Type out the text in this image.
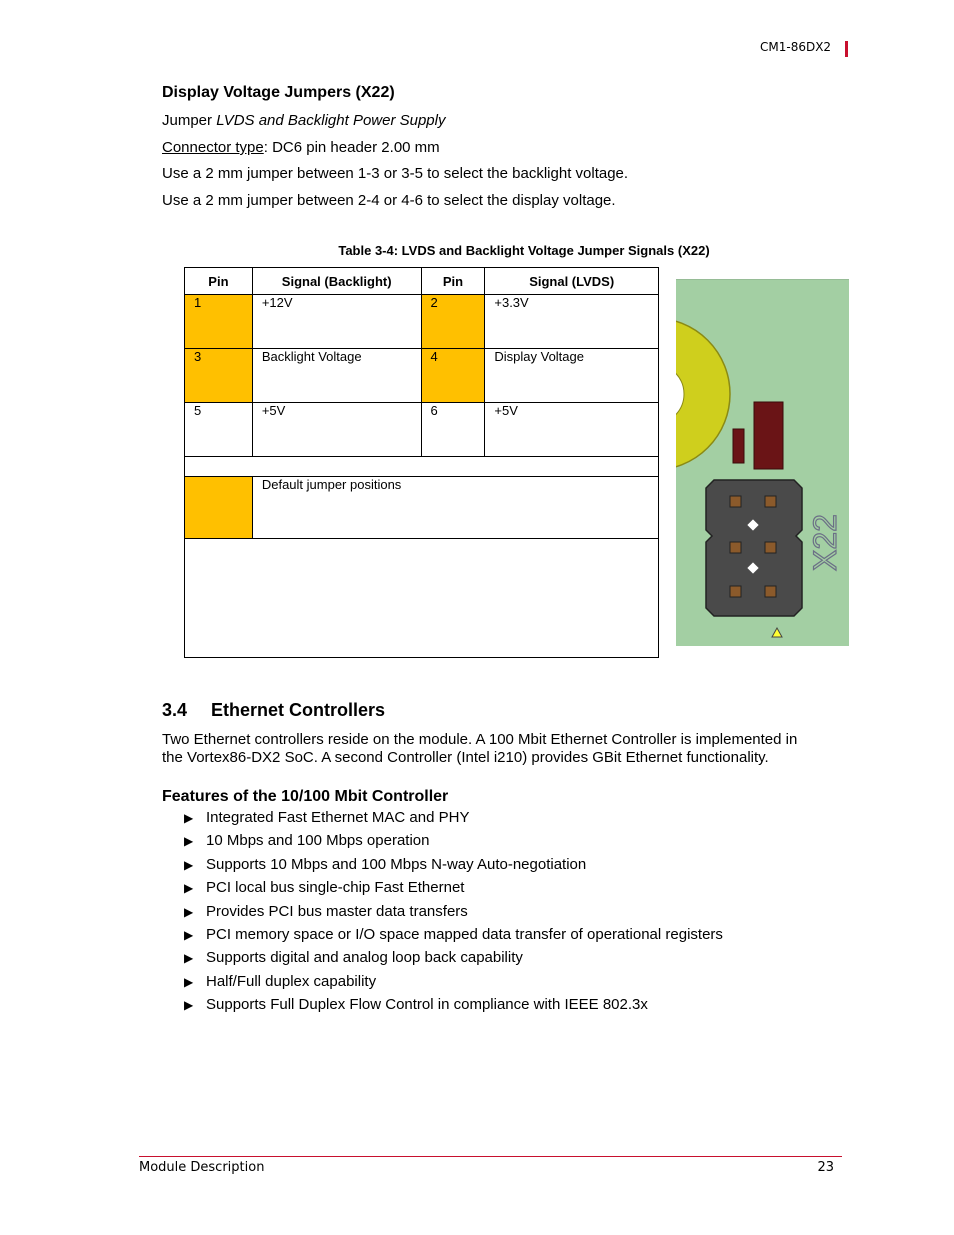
CM1-86DX2
Display Voltage Jumpers (X22)

Jumper LVDS and Backlight Power Supply

Connector type: DC6 pin header 2.00 mm

Use a 2 mm jumper between 1-3 or 3-5 to select the backlight voltage.

Use a 2 mm jumper between 2-4 or 4-6 to select the display voltage.

Table 3-4: LVDS and Backlight Voltage Jumper Signals (X22)

Pin	Signal (Backlight)	Pin	Signal (LVDS)
1	+12V	2	+3.3V
3	Backlight Voltage	4	Display Voltage
5	+5V	6	+5V

	Default jumper positions		

X22
3.4 Ethernet Controllers

Two Ethernet controllers reside on the module. A 100 Mbit Ethernet Controller is implemented in

the Vortex86-DX2 SoC. A second Controller (Intel i210) provides GBit Ethernet functionality.

Features of the 10/100 Mbit Controller
▶ Integrated Fast Ethernet MAC and PHY
▶ 10 Mbps and 100 Mbps operation
▶ Supports 10 Mbps and 100 Mbps N-way Auto-negotiation
▶ PCI local bus single-chip Fast Ethernet
▶ Provides PCI bus master data transfers
▶ PCI memory space or I/O space mapped data transfer of operational registers
▶ Supports digital and analog loop back capability
▶ Half/Full duplex capability
▶ Supports Full Duplex Flow Control in compliance with IEEE 802.3x
Module Description	23
